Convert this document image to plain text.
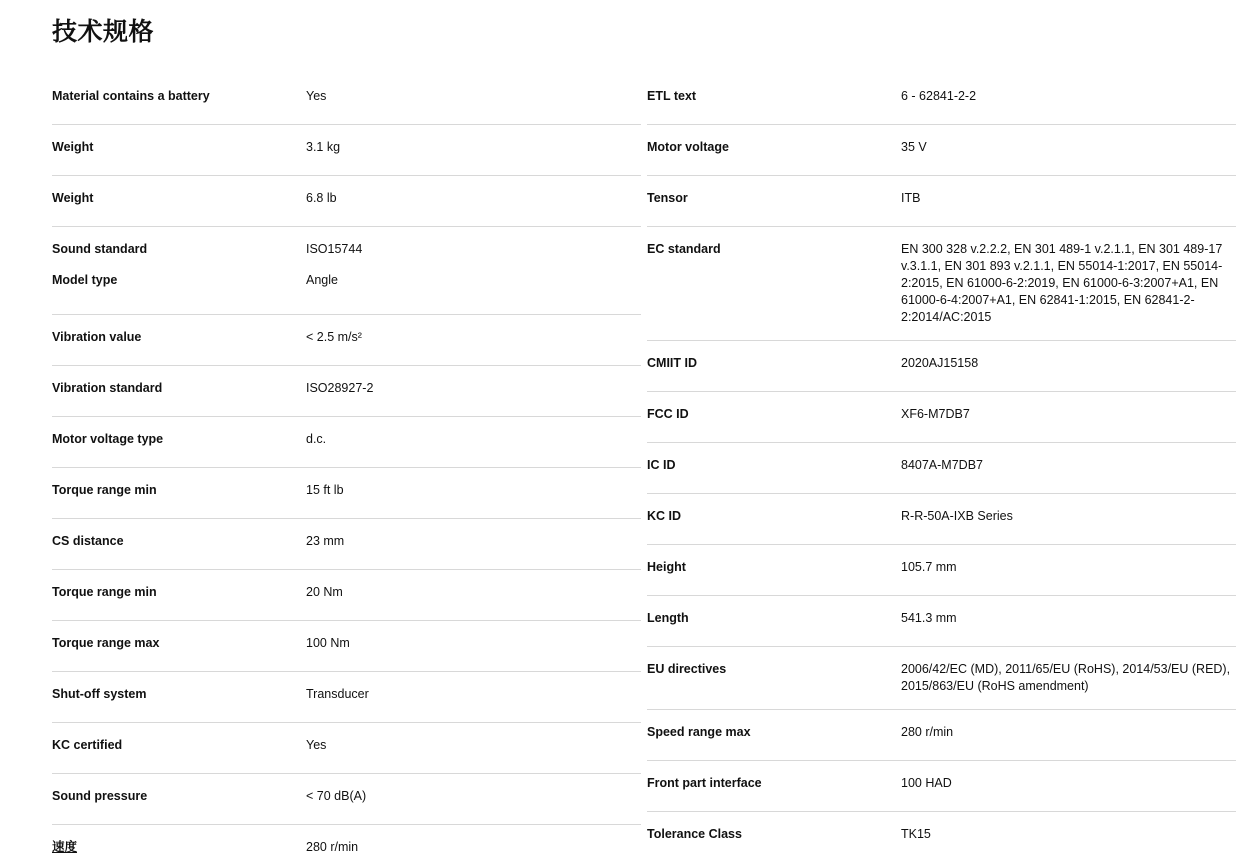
技术规格
Material contains a battery	Yes
Weight	3.1 kg
Weight	6.8 lb
Sound standard	ISO15744
Model type	Angle
Vibration value	< 2.5 m/s²
Vibration standard	ISO28927-2
Motor voltage type	d.c.
Torque range min	15 ft lb
CS distance	23 mm
Torque range min	20 Nm
Torque range max	100 Nm
Shut-off system	Transducer
KC certified	Yes
Sound pressure	< 70 dB(A)
速度	280 r/min
ETL text	6 - 62841-2-2
Motor voltage	35 V
Tensor	ITB
EC standard	EN 300 328 v.2.2.2, EN 301 489-1 v.2.1.1, EN 301 489-17 v.3.1.1, EN 301 893 v.2.1.1, EN 55014-1:2017, EN 55014-2:2015, EN 61000-6-2:2019, EN 61000-6-3:2007+A1, EN 61000-6-4:2007+A1, EN 62841-1:2015, EN 62841-2-2:2014/AC:2015
CMIIT ID	2020AJ15158
FCC ID	XF6-M7DB7
IC ID	8407A-M7DB7
KC ID	R-R-50A-IXB Series
Height	105.7 mm
Length	541.3 mm
EU directives	2006/42/EC (MD), 2011/65/EU (RoHS), 2014/53/EU (RED), 2015/863/EU (RoHS amendment)
Speed range max	280 r/min
Front part interface	100 HAD
Tolerance Class	TK15
